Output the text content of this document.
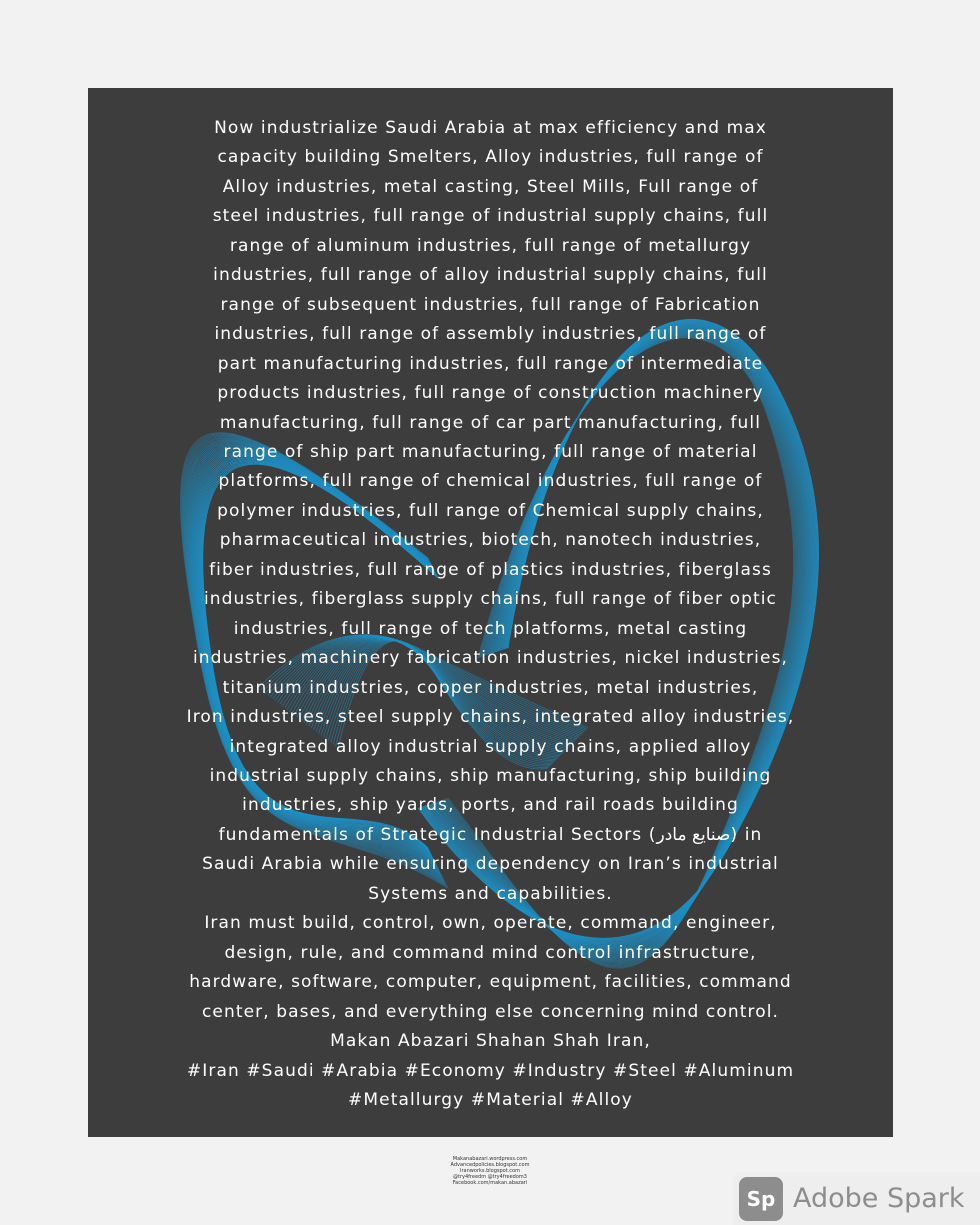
Now industrialize Saudi Arabia at max efficiency and max
capacity building Smelters, Alloy industries, full range of
Alloy industries, metal casting, Steel Mills, Full range of
steel industries, full range of industrial supply chains, full
range of aluminum industries, full range of metallurgy
industries, full range of alloy industrial supply chains, full
range of subsequent industries, full range of Fabrication
industries, full range of assembly industries, full range of
part manufacturing industries, full range of intermediate
products industries, full range of construction machinery
manufacturing, full range of car part manufacturing, full
range of ship part manufacturing, full range of material
platforms, full range of chemical industries, full range of
polymer industries, full range of Chemical supply chains,
pharmaceutical industries, biotech, nanotech industries,
fiber industries, full range of plastics industries, fiberglass
industries, fiberglass supply chains, full range of fiber optic
industries, full range of tech platforms, metal casting
industries, machinery fabrication industries, nickel industries,
titanium industries, copper industries, metal industries,
Iron industries, steel supply chains, integrated alloy industries,
integrated alloy industrial supply chains, applied alloy
industrial supply chains, ship manufacturing, ship building
industries, ship yards, ports, and rail roads building
fundamentals of Strategic Industrial Sectors (صنایع مادر) in
Saudi Arabia while ensuring dependency on Iran’s industrial
Systems and capabilities.
Iran must build, control, own, operate, command, engineer,
design, rule, and command mind control infrastructure,
hardware, software, computer, equipment, facilities, command
center, bases, and everything else concerning mind control.
Makan Abazari Shahan Shah Iran,
#Iran #Saudi #Arabia #Economy #Industry #Steel #Aluminum
#Metallurgy #Material #Alloy
Makanabazari.wordpress.com
Advancedpolicies.blogspot.com
Iranworks.blogspot.com
@try4freedm @try4freedom3
Facebook.com/makan.abazari
Sp Adobe Spark
